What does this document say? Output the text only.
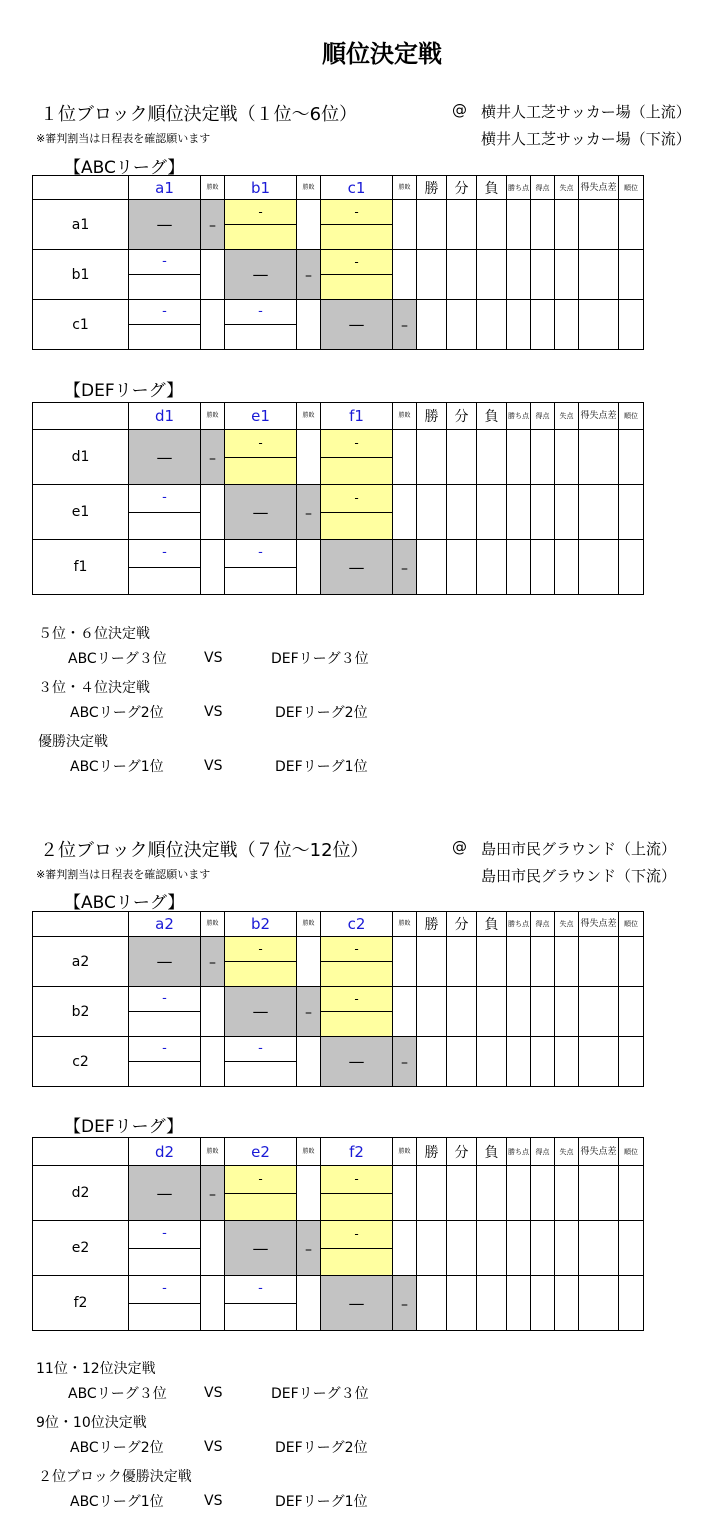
順位決定戦
１位ブロック順位決定戦（１位～6位）	@ 横井人工芝サッカー場（上流）
横井人工芝サッカー場（下流）
※審判割当は日程表を確認願います
【ABCリーグ】
	a1	勝敗	b1	勝敗	c1	勝敗	勝	分	負	勝ち点	得点	失点	得失点差	順位
a1	—	–	-		-									

b1	-		—	–	-									

c1	-		-		—	–								
【DEFリーグ】
	d1	勝敗	e1	勝敗	f1	勝敗	勝	分	負	勝ち点	得点	失点	得失点差	順位
d1	—	–	-		-									

e1	-		—	–	-									

f1	-		-		—	–								
５位・６位決定戦
ABCリーグ３位	VS	DEFリーグ３位
３位・４位決定戦
ABCリーグ2位	VS	DEFリーグ2位
優勝決定戦
ABCリーグ1位	VS	DEFリーグ1位
２位ブロック順位決定戦（７位～12位）	@ 島田市民グラウンド（上流）
島田市民グラウンド（下流）
※審判割当は日程表を確認願います
【ABCリーグ】
	a2	勝敗	b2	勝敗	c2	勝敗	勝	分	負	勝ち点	得点	失点	得失点差	順位
a2	—	–	-		-									

b2	-		—	–	-									

c2	-		-		—	–								
【DEFリーグ】
	d2	勝敗	e2	勝敗	f2	勝敗	勝	分	負	勝ち点	得点	失点	得失点差	順位
d2	—	–	-		-									

e2	-		—	–	-									

f2	-		-		—	–								
11位・12位決定戦
ABCリーグ３位	VS	DEFリーグ３位
9位・10位決定戦
ABCリーグ2位	VS	DEFリーグ2位
２位ブロック優勝決定戦
ABCリーグ1位	VS	DEFリーグ1位
